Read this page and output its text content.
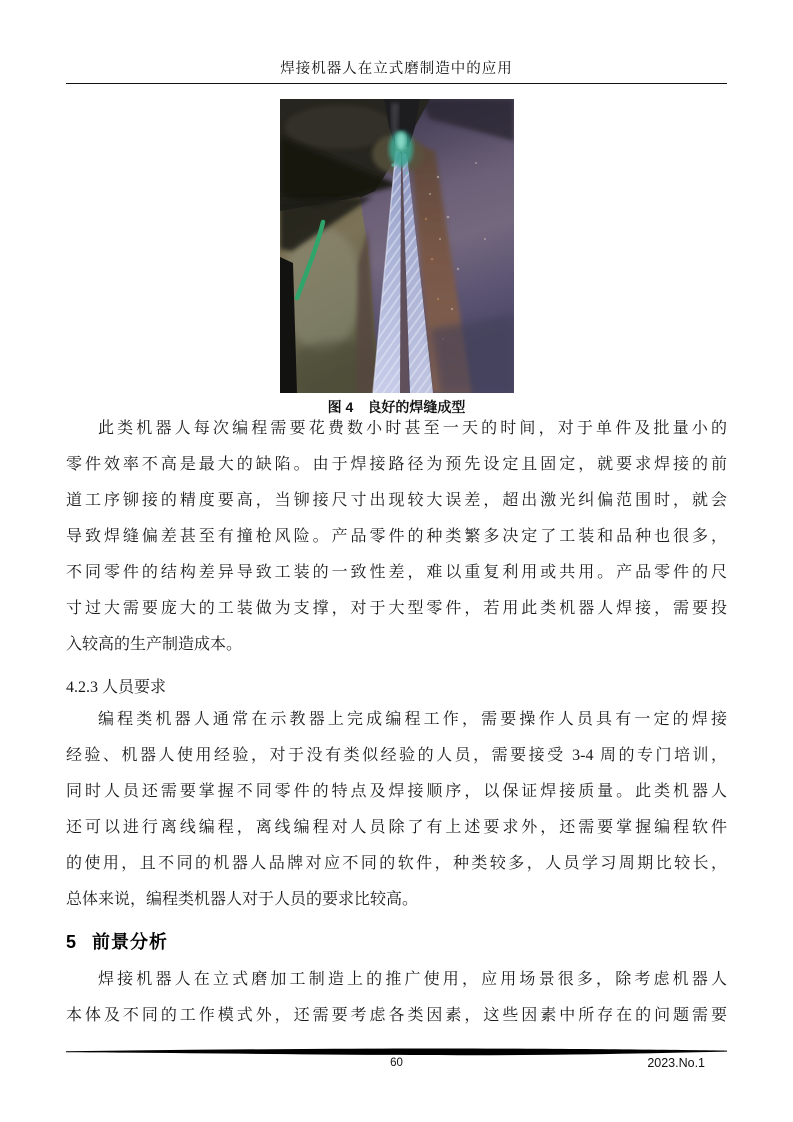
焊接机器人在立式磨制造中的应用
图 4 良好的焊缝成型
此类机器人每次编程需要花费数小时甚至一天的时间，对于单件及批量小的
零件效率不高是最大的缺陷。由于焊接路径为预先设定且固定，就要求焊接的前
道工序铆接的精度要高，当铆接尺寸出现较大误差，超出激光纠偏范围时，就会
导致焊缝偏差甚至有撞枪风险。产品零件的种类繁多决定了工装和品种也很多，
不同零件的结构差异导致工装的一致性差，难以重复利用或共用。产品零件的尺
寸过大需要庞大的工装做为支撑，对于大型零件，若用此类机器人焊接，需要投
入较高的生产制造成本。
4.2.3 人员要求
编程类机器人通常在示教器上完成编程工作，需要操作人员具有一定的焊接
经验、机器人使用经验，对于没有类似经验的人员，需要接受 3-4 周的专门培训，
同时人员还需要掌握不同零件的特点及焊接顺序，以保证焊接质量。此类机器人
还可以进行离线编程，离线编程对人员除了有上述要求外，还需要掌握编程软件
的使用，且不同的机器人品牌对应不同的软件，种类较多，人员学习周期比较长，
总体来说，编程类机器人对于人员的要求比较高。
5 前景分析
焊接机器人在立式磨加工制造上的推广使用，应用场景很多，除考虑机器人
本体及不同的工作模式外，还需要考虑各类因素，这些因素中所存在的问题需要
60	2023.No.1
